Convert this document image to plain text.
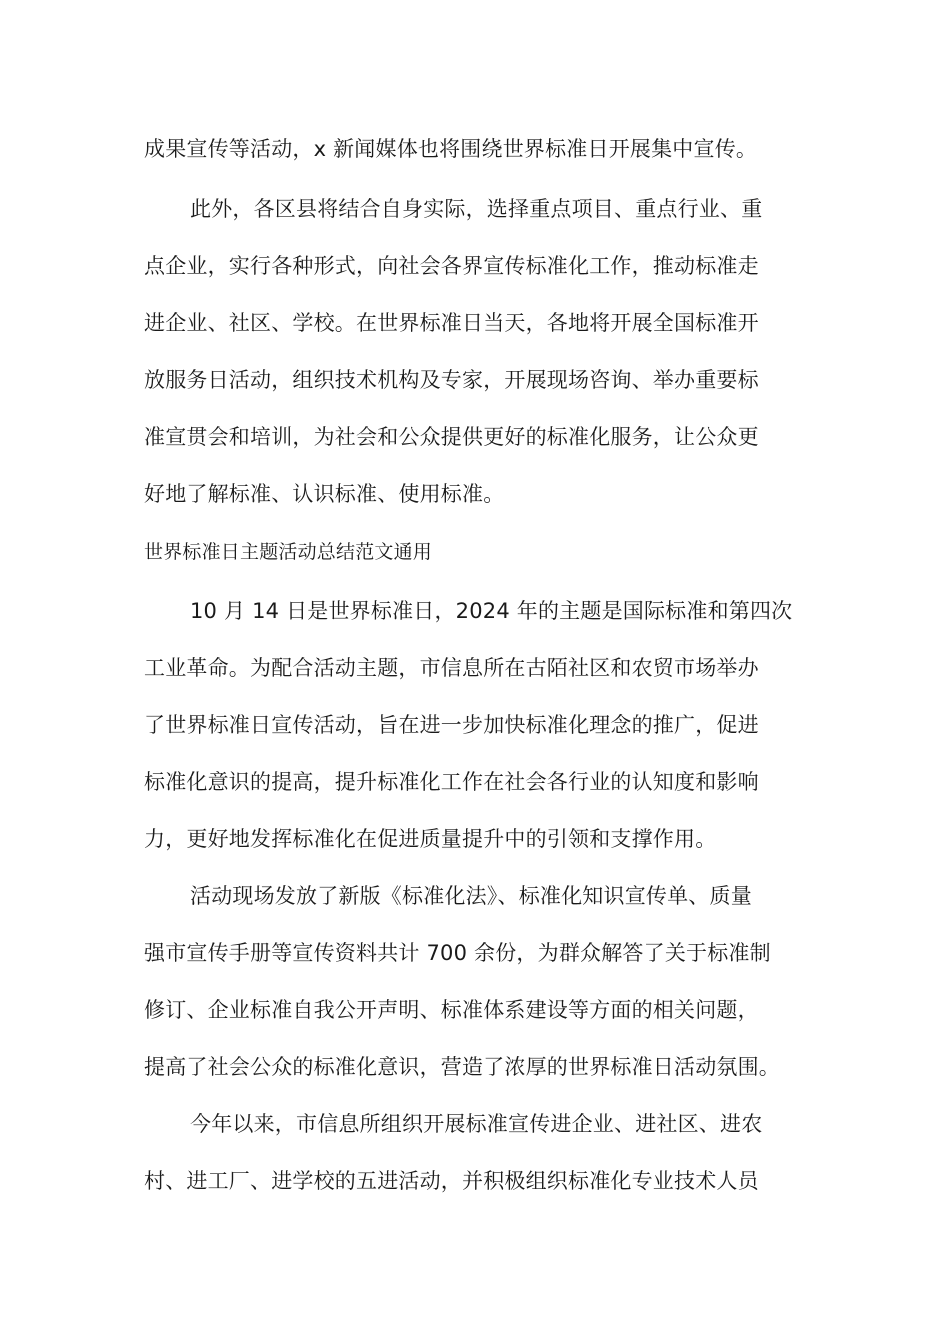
成果宣传等活动，x 新闻媒体也将围绕世界标准日开展集中宣传。
此外，各区县将结合自身实际，选择重点项目、重点行业、重
点企业，实行各种形式，向社会各界宣传标准化工作，推动标准走
进企业、社区、学校。在世界标准日当天，各地将开展全国标准开
放服务日活动，组织技术机构及专家，开展现场咨询、举办重要标
准宣贯会和培训，为社会和公众提供更好的标准化服务，让公众更
好地了解标准、认识标准、使用标准。
世界标准日主题活动总结范文通用
10 月 14 日是世界标准日，2024 年的主题是国际标准和第四次
工业革命。为配合活动主题，市信息所在古陌社区和农贸市场举办
了世界标准日宣传活动，旨在进一步加快标准化理念的推广，促进
标准化意识的提高，提升标准化工作在社会各行业的认知度和影响
力，更好地发挥标准化在促进质量提升中的引领和支撑作用。
活动现场发放了新版《标准化法》、标准化知识宣传单、质量
强市宣传手册等宣传资料共计 700 余份，为群众解答了关于标准制
修订、企业标准自我公开声明、标准体系建设等方面的相关问题，
提高了社会公众的标准化意识，营造了浓厚的世界标准日活动氛围。
今年以来，市信息所组织开展标准宣传进企业、进社区、进农
村、进工厂、进学校的五进活动，并积极组织标准化专业技术人员
